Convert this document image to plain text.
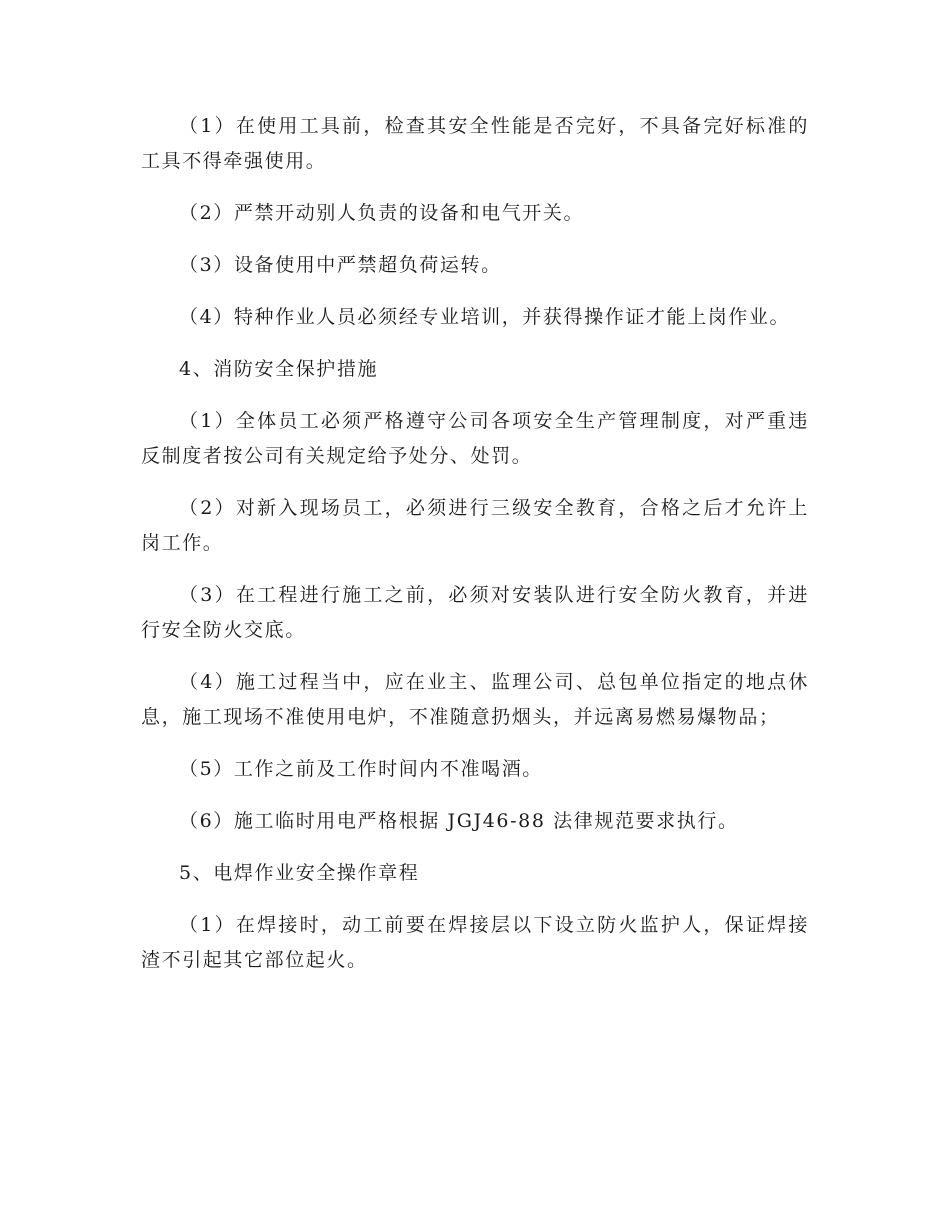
（1）在使用工具前，检查其安全性能是否完好，不具备完好标准的工具不得牵强使用。

（2）严禁开动别人负责的设备和电气开关。

（3）设备使用中严禁超负荷运转。

（4）特种作业人员必须经专业培训，并获得操作证才能上岗作业。

4、消防安全保护措施

（1）全体员工必须严格遵守公司各项安全生产管理制度，对严重违反制度者按公司有关规定给予处分、处罚。

（2）对新入现场员工，必须进行三级安全教育，合格之后才允许上岗工作。

（3）在工程进行施工之前，必须对安装队进行安全防火教育，并进行安全防火交底。

（4）施工过程当中，应在业主、监理公司、总包单位指定的地点休息，施工现场不准使用电炉，不准随意扔烟头，并远离易燃易爆物品；

（5）工作之前及工作时间内不准喝酒。

（6）施工临时用电严格根据 JGJ46-88 法律规范要求执行。

5、电焊作业安全操作章程

（1）在焊接时，动工前要在焊接层以下设立防火监护人，保证焊接渣不引起其它部位起火。
